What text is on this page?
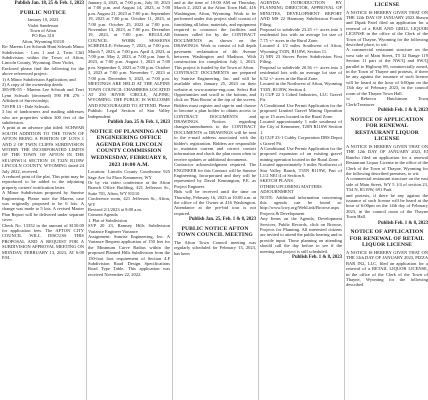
Publish Jan. 18, 25 & Feb. 1, 2023

PUBLIC NOTICE

January 10, 2023

Violet Sanderson

Town of Afton

PO Box 310

Afton, Wyoming 83110

Re: Marens Lee Schwab Hunt Schwab Minor Subdivision - Lots 1 and 2, Twin Cliff Subdivision within the Town of Afton, Lincoln County, Wyoming. Dear Violet,

Enclosed please find the following for the above referenced project:

1) A Minor Subdivision Application; and

2) A copy of the ownership deeds:

385-PR-55 - Marens Lee Schwab and Terri Lynn Schwab (deceased) 590 PR 276 - Affidavit of Survivorship;

729 PR 13 - Dale Schwab.

3 list of landowners and mailing addresses who are properties within 300 feet of the subdivision.

A print at an advance plat titled: SCHWAB SOUTH ADDITION TO THE TOWN OF AFTON BEING A PORTION OF LOTS 1 AND 2 OF TWIN CLIFFS SUBDIVISION WITHIN THE INCORPORATED LIMITS OF THE TOWN OF AFTON IN THE SE1/4NW1/4 SECTION 18 T32N R118W LINCOLN COUNTY, WYOMING dated 24 July 2022, received.

A reduced print of the plat. This print may be reproduced to be added to the adjoining property owners' notification letter.

A Minor Subdivision proposed by Sunrise Engineering. Please note the Marens case was originally proposed to be 6 lots. A change was made to 5 lots. A revised Master Plan Report will be delivered under separate cover.

Check No. 13352 in the amount of $150.00 for application fees. The AFTON CITY COUNCIL WILL DISCUSS THIS PROPOSAL AND A REQUEST FOR A SUBDIVISION APPROVAL MEETING ON MONDAY, FEBRUARY 13, 2023, AT 6:00 P.M.

January 4, 2023, at 7:00 p.m., July 10, 2023 at 7:00 p.m. and August 14, 2023, at 7:00 p.m. August 21, 2023 at 7:00 p.m. September 19, 2023 at 7:00 p.m. October 11, 2023, at 7:00 p.m. October 25, 2023 at 7:00 p.m. November 13, 2023, at 7:00 p.m. December 19, 2023, at 7:00 p.m. REGULAR COUNCIL WORK SESSIONS SCHEDULE: February 7, 2023, at 7:00 p.m. March 7, 2023, at 7:00 p.m. April 4, 2023, at 7:00 p.m. May 2, 2023, at 7:00 p.m. June 6, 2023, at 7:00 p.m. August 1, 2023 at 7:00 p.m. September 5, 2023 at 7:00 p.m. October 3, 2023 at 7:00 p.m. November 7, 2023 at 7:00 p.m. December 5, 2023, at 7:00 p.m. MEETINGS ARE HELD AT THE ALPINE TOWN COUNCIL CHAMBERS LOCATED AT 250 RIVER CIRCLE, ALPINE, WYOMING. THE PUBLIC IS WELCOME AND ENCOURAGED TO ATTEND. Please Publish: Legal Section of Star Valley Independent.

Publish Jan. 25 & Feb. 1, 2023

NOTICE OF PLANNING AND ENGINEERING OFFICE AGENDA FOR LINCOLN COUNTY COMMISSION WEDNESDAY, FEBRUARY 8, 2023 10:00 A.M.

Location: Lincoln County Courthouse 925 Sage Ave 1st Floor Kemmerer, WY

Or by via video conference at the Afton Branch Office Building, 421 Jefferson St., Suite 701, Afton, WY 83110

Conference room, 421 Jefferson St., Afton, WY

Revised 2/1/2023 at 9:00 a.m.

Consent Agenda

1. Plat of Subdivision

SVP 20 23, Ramsey Hills Subdivision Variance Engineer Variance

Assignment: Sunrise Engineering, Inc. A Variance Request application of 150 feet for the Minimum Curve Radius within the proposed Planned Hills Subdivision from the 150-foot foot requirement of Section 4.F Subdivision Road Design Specifications Road Type Table. This application was received November 22, 2022.

and at the time of 10:00 AM on Thursday, March 2, 2023 at the Afton Town Hall, 416 Washington, Afton, Wyoming. Work to be performed under this project shall consist of furnishing all labor, materials, and equipment required to construct the facilities and features called for by the CONTRACT DOCUMENTS as shown on the DRAWINGS. Work to consist of full depth pavement reclamation of 4th Avenue between Washington and Madison. With construction for completion July 1, 2023. This project is funded by the Town of Afton.

CONTRACT DOCUMENTS are prepared by Sunrise Engineering, Inc. and will be available after January 25, 2023 on their website at www.sunrise-eng.com. Select Bid Opportunities and scroll to the bottom, and click on 'Plan Room' at the top of the screen. Bidders must register and sign-in and choose to become a plan holder to obtain access to CONTRACT DOCUMENTS and DRAWINGS. Notices regarding changes/amendments to the CONTRACT DOCUMENTS or DRAWINGS will be sent to the e-mail address associated with the bidder's registration. Bidders are responsible to maintain current and correct contact information and check the plan room often to receive updates or additional documents.

Contractor acknowledgment required. The ENGINEER for this Contract will be Sunrise Engineering, Incorporated and they will be represented by David Kennington, P.E. as Project Engineer.

Bids will be received until the time on Thursday, February 16, 2023 at 10:00 a.m. at the office of the Owner at 416 Washington. Attendance at the pre-bid tour is not required.

Publish Jan. 25, Feb. 1 & 8, 2023

PUBLIC NOTICE AFTON TOWN COUNCIL MEETING

The Afton Town Council meeting was regularly scheduled for February 13, 2023, has been

AGENDA: INTRODUCTION BY PLANNING DIRECTOR, APPROVAL OF MINUTES, DEVELOPMENT REPORT AND MS 22 Harmony Subdivision Fourth Filing.

Proposal to subdivide 23.25 +/- acres into 3 residential lots with an average lot size of 7.75 +/- acres in the Rural Zone.

Located 4 1/2 miles Southwest of Afton, Wyoming T33N, R118W, Section 11.

2) MN 23 Stoves Porter Subdivision First Filing.

Proposal to subdivide 20.56 +/- acres into 3 residential lots with an average lot size of 6.52 +/- acres in the Rural Zone.

Located in the Northwest of Afton, Wyoming T33N, R118W, Section 4.

3) CUP 22 3 Cobed Industries, LLC Gravel Pit.

A Conditional Use Permit Application for the proposed Limited Gravel Mining Operation up to 15 acres located in the Rural Zone.

Located approximately 1 mile southeast of the City of Kemmerer, T20N R116W Section 1.

4) CUP 23-1 Cubby Corporation DBS Depot s Gravel Pit.

A Conditional Use Permit Application for the proposed expansion of an existing gravel mining operation located in the Rural Zone.

Located approximately 3 miles Northwest of Star Valley Ranch, T35N R119W, Part of L1/2 NE1/4 of Section 6.

SKETCH PLANS

OTHER UPCOMING MATTERS

ADJOURNMENT

NOTE: Additional information concerning this agenda can be found at: http://www.lcwy.org/WebLink/Browse.aspx Projects & Development

Any Items on the Agenda, Development Services, Public Records, click on Browse, Projects for Planning. All interested citizens are invited to attend the public hearing and to provide input. Those planning on attending should call the day before to see if the meeting and project is still scheduled.

Publish Feb. 1 & 8, 2023

LICENSE

A NOTICE IS HEREBY GIVEN THAT ON THE 12th DAY OF JANUARY 2023 Shawn and Dipak Patel filed an application for a renewal of a BAR AND GRILL LIQUOR LICENSE in the office of the Clerk of the Town of Thayne, Wyoming for the following described place, to wit:

A commercial restaurant structure on the west side of Main Street, T5 32 Range 119 Section 11 part of the NW/Q and SW/Q parallel to Highway 89, commercially zoned, in the Town of Thayne and protests, if there be any against the issuance of such license will be heard at the hour of 6:00pm on the 13th day of February 2023, in the council room of the Thayne Town Hall.

/s/ Rebecca Hutchinson Town Clerk/Treasurer

Publish Feb. 1 & 8, 2023

NOTICE OF APPLICATION FOR RENEWAL RESTAURANT LIQUOR LICENSE

A NOTICE IS HEREBY GIVEN THAT ON THE 12th DAY OF JANUARY 2023, El Rancho filed an application for a renewal Restaurant Liquor License in the office of the Clerk of the Town of Thayne, Wyoming for the following described premises, to wit:

A commercial restaurant structure on the east side of Main Street, WY 5 1/4 of section 23, T34 N, R119W, 691 Park

and protests, if there be any against the issuance of such license will be heard at the hour of 6:00pm on the 14th day of February 2023, in the council room of the Thayne Town Hall.

Publish Feb. 1 & 8, 2023

NOTICE OF APPLICATION FOR RENEWAL OF RETAIL LIQUOR LICENSE

A NOTICE IS HEREBY GIVEN THAT ON THE 12th DAY OF JANUARY 2023, PIZZA BAR IN2, LLC, filed an application for a renewal of a RETAIL LIQUOR LICENSE, in the office of the Clerk of the Town of Thayne, Wyoming for the following described
